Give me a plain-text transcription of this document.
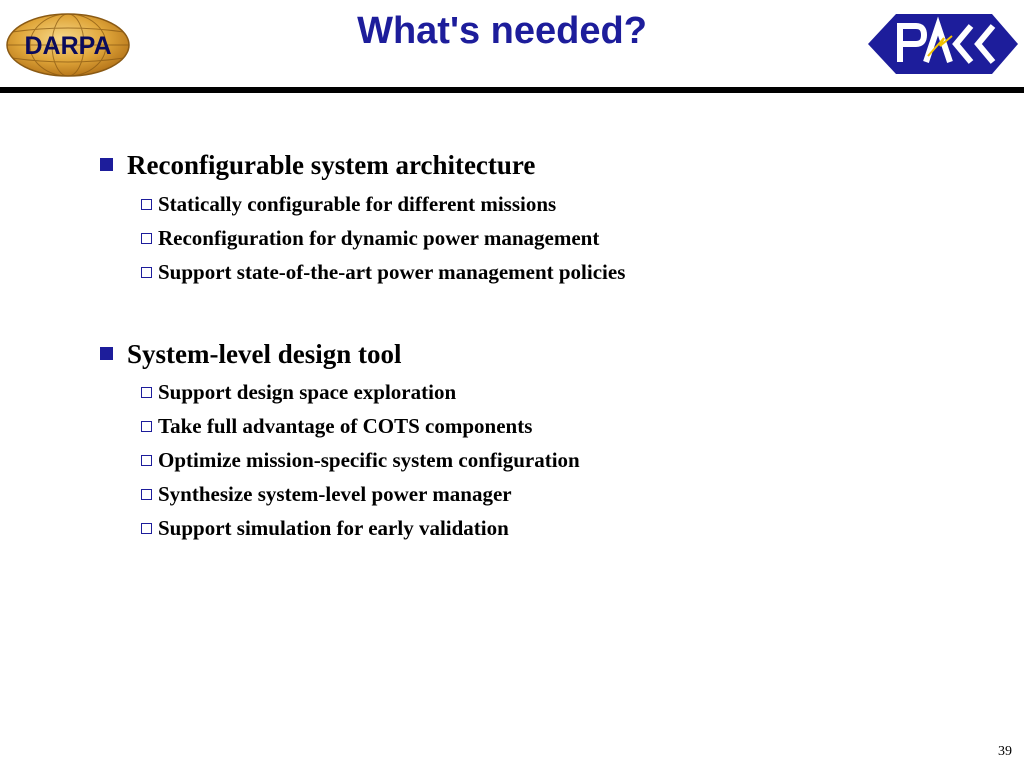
DARPA	What's needed?
Reconfigurable system architecture
Statically configurable for different missions
Reconfiguration for dynamic power management
Support state-of-the-art power management policies
System-level design tool
Support design space exploration
Take full advantage of COTS components
Optimize mission-specific system configuration
Synthesize system-level power manager
Support simulation for early validation
39
